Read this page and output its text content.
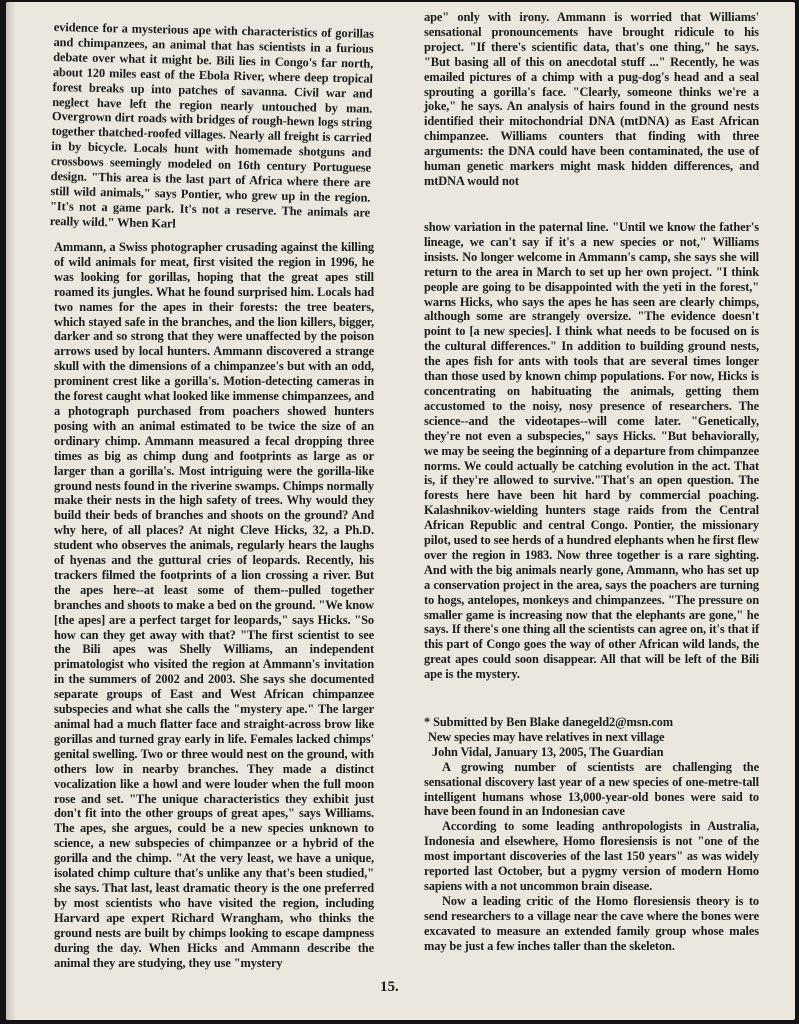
evidence for a mysterious ape with characteristics of gorillas and chimpanzees, an animal that has scientists in a furious debate over what it might be. Bili lies in Congo's far north, about 120 miles east of the Ebola River, where deep tropical forest breaks up into patches of savanna. Civil war and neglect have left the region nearly untouched by man. Overgrown dirt roads with bridges of rough-hewn logs string together thatched-roofed villages. Nearly all freight is carried in by bicycle. Locals hunt with homemade shotguns and crossbows seemingly modeled on 16th century Portuguese design. "This area is the last part of Africa where there are still wild animals," says Pontier, who grew up in the region. "It's not a game park. It's not a reserve. The animals are really wild." When Karl

Ammann, a Swiss photographer crusading against the killing of wild animals for meat, first visited the region in 1996, he was looking for gorillas, hoping that the great apes still roamed its jungles. What he found surprised him. Locals had two names for the apes in their forests: the tree beaters, which stayed safe in the branches, and the lion killers, bigger, darker and so strong that they were unaffected by the poison arrows used by local hunters. Ammann discovered a strange skull with the dimensions of a chimpanzee's but with an odd, prominent crest like a gorilla's. Motion-detecting cameras in the forest caught what looked like immense chimpanzees, and a photograph purchased from poachers showed hunters posing with an animal estimated to be twice the size of an ordinary chimp. Ammann measured a fecal dropping three times as big as chimp dung and footprints as large as or larger than a gorilla's. Most intriguing were the gorilla-like ground nests found in the riverine swamps. Chimps normally make their nests in the high safety of trees. Why would they build their beds of branches and shoots on the ground? And why here, of all places? At night Cleve Hicks, 32, a Ph.D. student who observes the animals, regularly hears the laughs of hyenas and the guttural cries of leopards. Recently, his trackers filmed the footprints of a lion crossing a river. But the apes here--at least some of them--pulled together branches and shoots to make a bed on the ground. "We know [the apes] are a perfect target for leopards," says Hicks. "So how can they get away with that? "The first scientist to see the Bili apes was Shelly Williams, an independent primatologist who visited the region at Ammann's invitation in the summers of 2002 and 2003. She says she documented separate groups of East and West African chimpanzee subspecies and what she calls the "mystery ape." The larger animal had a much flatter face and straight-across brow like gorillas and turned gray early in life. Females lacked chimps' genital swelling. Two or three would nest on the ground, with others low in nearby branches. They made a distinct vocalization like a howl and were louder when the full moon rose and set. "The unique characteristics they exhibit just don't fit into the other groups of great apes," says Williams. The apes, she argues, could be a new species unknown to science, a new subspecies of chimpanzee or a hybrid of the gorilla and the chimp. "At the very least, we have a unique, isolated chimp culture that's unlike any that's been studied," she says. That last, least dramatic theory is the one preferred by most scientists who have visited the region, including Harvard ape expert Richard Wrangham, who thinks the ground nests are built by chimps looking to escape dampness during the day. When Hicks and Ammann describe the animal they are studying, they use "mystery

ape" only with irony. Ammann is worried that Williams' sensational pronouncements have brought ridicule to his project. "If there's scientific data, that's one thing," he says. "But basing all of this on anecdotal stuff ..." Recently, he was emailed pictures of a chimp with a pug-dog's head and a seal sprouting a gorilla's face. "Clearly, someone thinks we're a joke," he says. An analysis of hairs found in the ground nests identified their mitochondrial DNA (mtDNA) as East African chimpanzee. Williams counters that finding with three arguments: the DNA could have been contaminated, the use of human genetic markers might mask hidden differences, and mtDNA would not

show variation in the paternal line. "Until we know the father's lineage, we can't say if it's a new species or not," Williams insists. No longer welcome in Ammann's camp, she says she will return to the area in March to set up her own project. "I think people are going to be disappointed with the yeti in the forest," warns Hicks, who says the apes he has seen are clearly chimps, although some are strangely oversize. "The evidence doesn't point to [a new species]. I think what needs to be focused on is the cultural differences." In addition to building ground nests, the apes fish for ants with tools that are several times longer than those used by known chimp populations. For now, Hicks is concentrating on habituating the animals, getting them accustomed to the noisy, nosy presence of researchers. The science--and the videotapes--will come later. "Genetically, they're not even a subspecies," says Hicks. "But behaviorally, we may be seeing the beginning of a departure from chimpanzee norms. We could actually be catching evolution in the act. That is, if they're allowed to survive."That's an open question. The forests here have been hit hard by commercial poaching. Kalashnikov-wielding hunters stage raids from the Central African Republic and central Congo. Pontier, the missionary pilot, used to see herds of a hundred elephants when he first flew over the region in 1983. Now three together is a rare sighting. And with the big animals nearly gone, Ammann, who has set up a conservation project in the area, says the poachers are turning to hogs, antelopes, monkeys and chimpanzees. "The pressure on smaller game is increasing now that the elephants are gone," he says. If there's one thing all the scientists can agree on, it's that if this part of Congo goes the way of other African wild lands, the great apes could soon disappear. All that will be left of the Bili ape is the mystery.

* Submitted by Ben Blake danegeld2@msn.com

New species may have relatives in next village

John Vidal, January 13, 2005, The Guardian

A growing number of scientists are challenging the sensational discovery last year of a new species of one-metre-tall intelligent humans whose 13,000-year-old bones were said to have been found in an Indonesian cave

According to some leading anthropologists in Australia, Indonesia and elsewhere, Homo floresiensis is not "one of the most important discoveries of the last 150 years" as was widely reported last October, but a pygmy version of modern Homo sapiens with a not uncommon brain disease.

Now a leading critic of the Homo floresiensis theory is to send researchers to a village near the cave where the bones were excavated to measure an extended family group whose males may be just a few inches taller than the skeleton.

15.
